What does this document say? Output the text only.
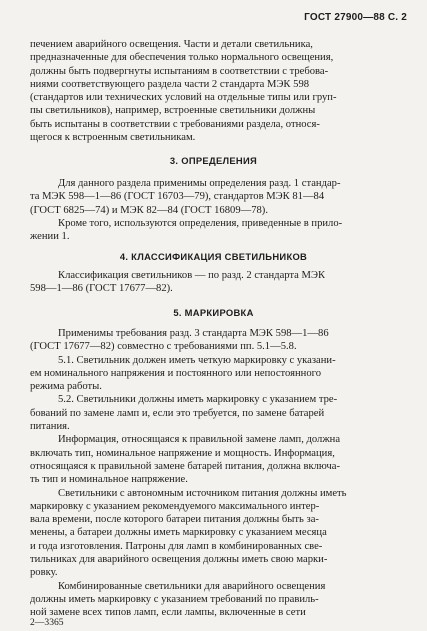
ГОСТ 27900—88 С. 2
печением аварийного освещения. Части и детали светильника,
предназначенные для обеспечения только нормального освещения,
должны быть подвергнуты испытаниям в соответствии с требова-
ниями соответствующего раздела части 2 стандарта МЭК 598
(стандартов или технических условий на отдельные типы или груп-
пы светильников), например, встроенные светильники должны
быть испытаны в соответствии с требованиями раздела, относя-
щегося к встроенным светильникам.
3. ОПРЕДЕЛЕНИЯ
Для данного раздела применимы определения разд. 1 стандар-
та МЭК 598—1—86 (ГОСТ 16703—79), стандартов МЭК 81—84
(ГОСТ 6825—74) и МЭК 82—84 (ГОСТ 16809—78).
Кроме того, используются определения, приведенные в прило-
жении 1.
4. КЛАССИФИКАЦИЯ СВЕТИЛЬНИКОВ
Классификация светильников — по разд. 2 стандарта МЭК
598—1—86 (ГОСТ 17677—82).
5. МАРКИРОВКА
Применимы требования разд. 3 стандарта МЭК 598—1—86
(ГОСТ 17677—82) совместно с требованиями пп. 5.1—5.8.
5.1. Светильник должен иметь четкую маркировку с указани-
ем номинального напряжения и постоянного или непостоянного
режима работы.
5.2. Светильники должны иметь маркировку с указанием тре-
бований по замене ламп и, если это требуется, по замене батарей
питания.
Информация, относящаяся к правильной замене ламп, должна
включать тип, номинальное напряжение и мощность. Информация,
относящаяся к правильной замене батарей питания, должна включа-
ть тип и номинальное напряжение.
Светильники с автономным источником питания должны иметь
маркировку с указанием рекомендуемого максимального интер-
вала времени, после которого батареи питания должны быть за-
менены, а батареи должны иметь маркировку с указанием месяца
и года изготовления. Патроны для ламп в комбинированных све-
тильниках для аварийного освещения должны иметь свою марки-
ровку.
Комбинированные светильники для аварийного освещения
должны иметь маркировку с указанием требований по правиль-
ной замене всех типов ламп, если лампы, включенные в сети
2—3365
